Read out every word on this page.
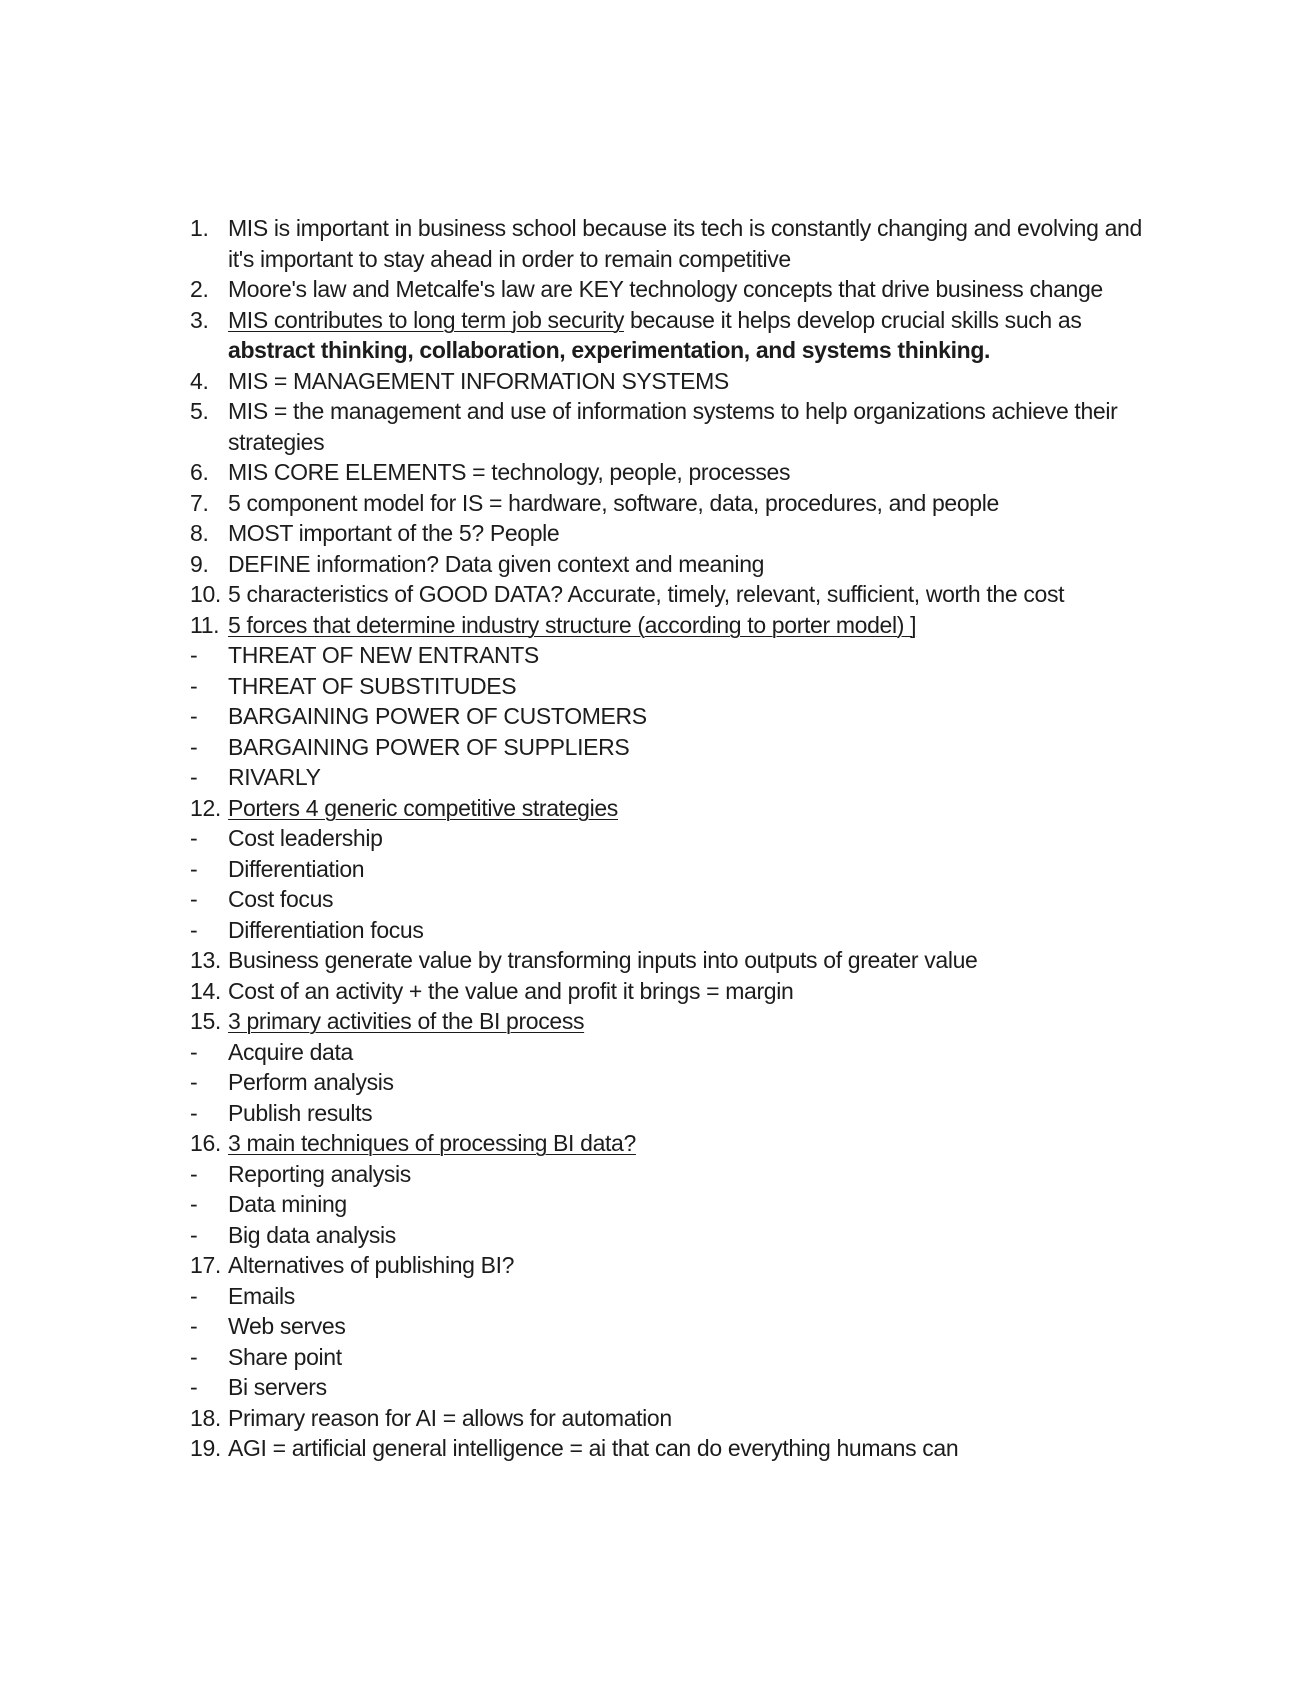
1. MIS is important in business school because its tech is constantly changing and evolving and it's important to stay ahead in order to remain competitive
2. Moore's law and Metcalfe's law are KEY technology concepts that drive business change
3. MIS contributes to long term job security because it helps develop crucial skills such as abstract thinking, collaboration, experimentation, and systems thinking.
4. MIS = MANAGEMENT INFORMATION SYSTEMS
5. MIS = the management and use of information systems to help organizations achieve their strategies
6. MIS CORE ELEMENTS = technology, people, processes
7. 5 component model for IS = hardware, software, data, procedures, and people
8. MOST important of the 5? People
9. DEFINE information? Data given context and meaning
10. 5 characteristics of GOOD DATA? Accurate, timely, relevant, sufficient, worth the cost
11. 5 forces that determine industry structure (according to porter model) ]
-	THREAT OF NEW ENTRANTS
-	THREAT OF SUBSTITUDES
-	BARGAINING POWER OF CUSTOMERS
-	BARGAINING POWER OF SUPPLIERS
-	RIVARLY
12. Porters 4 generic competitive strategies
-	Cost leadership
-	Differentiation
-	Cost focus
-	Differentiation focus
13. Business generate value by transforming inputs into outputs of greater value
14. Cost of an activity + the value and profit it brings = margin
15. 3 primary activities of the BI process
-	Acquire data
-	Perform analysis
-	Publish results
16. 3 main techniques of processing BI data?
-	Reporting analysis
-	Data mining
-	Big data analysis
17. Alternatives of publishing BI?
-	Emails
-	Web serves
-	Share point
-	Bi servers
18. Primary reason for AI = allows for automation
19. AGI = artificial general intelligence = ai that can do everything humans can
